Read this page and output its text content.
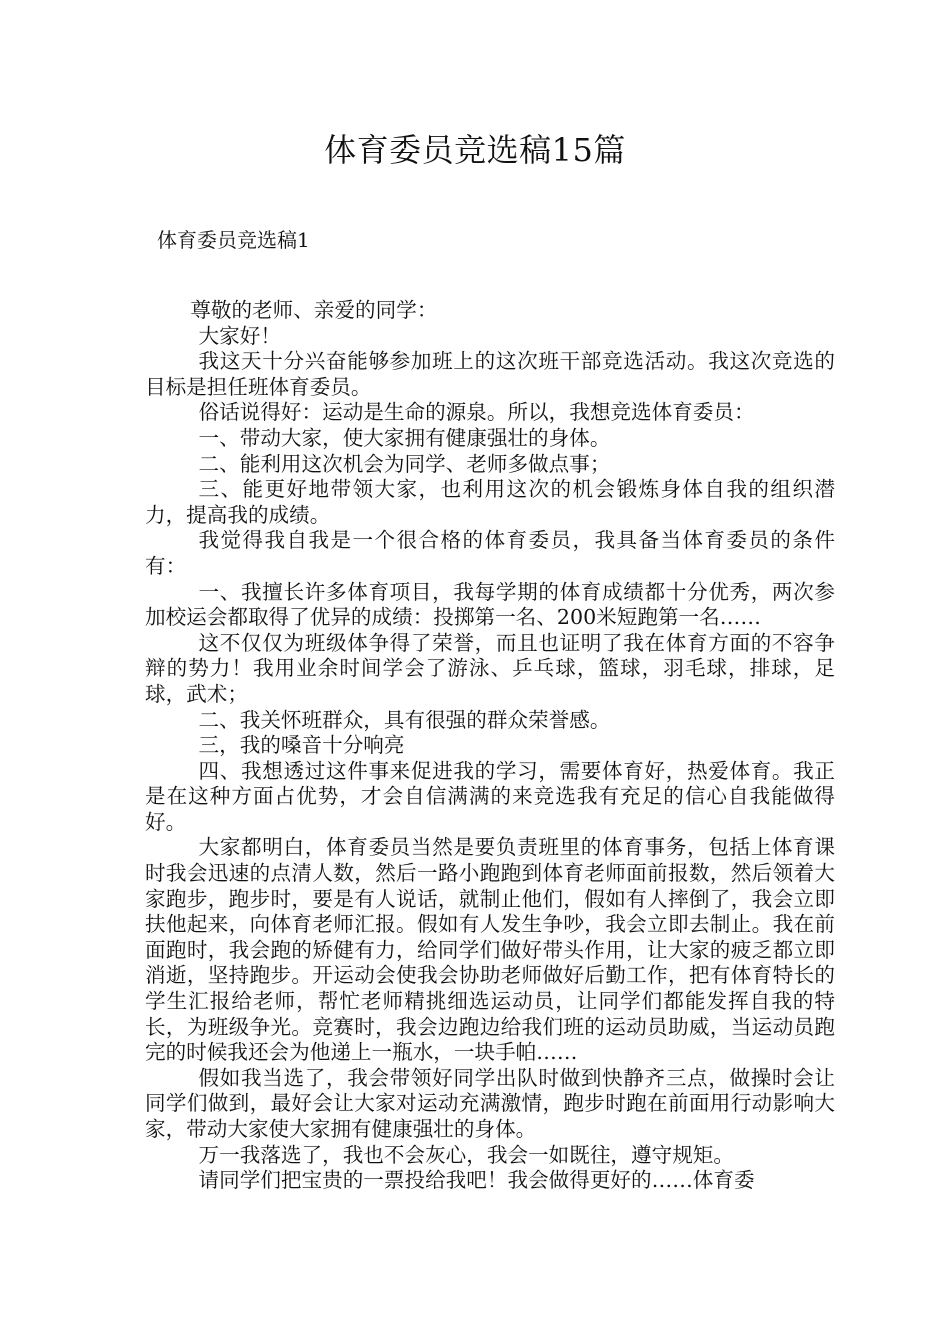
体育委员竞选稿15篇
体育委员竞选稿1

尊敬的老师、亲爱的同学：

大家好！

我这天十分兴奋能够参加班上的这次班干部竞选活动。我这次竞选的目标是担任班体育委员。

俗话说得好：运动是生命的源泉。所以，我想竞选体育委员：

一、带动大家，使大家拥有健康强壮的身体。

二、能利用这次机会为同学、老师多做点事；

三、能更好地带领大家，也利用这次的机会锻炼身体自我的组织潜力，提高我的成绩。

我觉得我自我是一个很合格的体育委员，我具备当体育委员的条件有：

一、我擅长许多体育项目，我每学期的体育成绩都十分优秀，两次参加校运会都取得了优异的成绩：投掷第一名、200米短跑第一名……

这不仅仅为班级体争得了荣誉，而且也证明了我在体育方面的不容争辩的势力！我用业余时间学会了游泳、乒乓球，篮球，羽毛球，排球，足球，武术；

二、我关怀班群众，具有很强的群众荣誉感。

三，我的嗓音十分响亮

四、我想透过这件事来促进我的学习，需要体育好，热爱体育。我正是在这种方面占优势，才会自信满满的来竞选我有充足的信心自我能做得好。

大家都明白，体育委员当然是要负责班里的体育事务，包括上体育课时我会迅速的点清人数，然后一路小跑跑到体育老师面前报数，然后领着大家跑步，跑步时，要是有人说话，就制止他们，假如有人摔倒了，我会立即扶他起来，向体育老师汇报。假如有人发生争吵，我会立即去制止。我在前面跑时，我会跑的矫健有力，给同学们做好带头作用，让大家的疲乏都立即消逝，坚持跑步。开运动会使我会协助老师做好后勤工作，把有体育特长的学生汇报给老师，帮忙老师精挑细选运动员，让同学们都能发挥自我的特长，为班级争光。竞赛时，我会边跑边给我们班的运动员助威，当运动员跑完的时候我还会为他递上一瓶水，一块手帕……

假如我当选了，我会带领好同学出队时做到快静齐三点，做操时会让同学们做到，最好会让大家对运动充满激情，跑步时跑在前面用行动影响大家，带动大家使大家拥有健康强壮的身体。

万一我落选了，我也不会灰心，我会一如既往，遵守规矩。

请同学们把宝贵的一票投给我吧！我会做得更好的……体育委
